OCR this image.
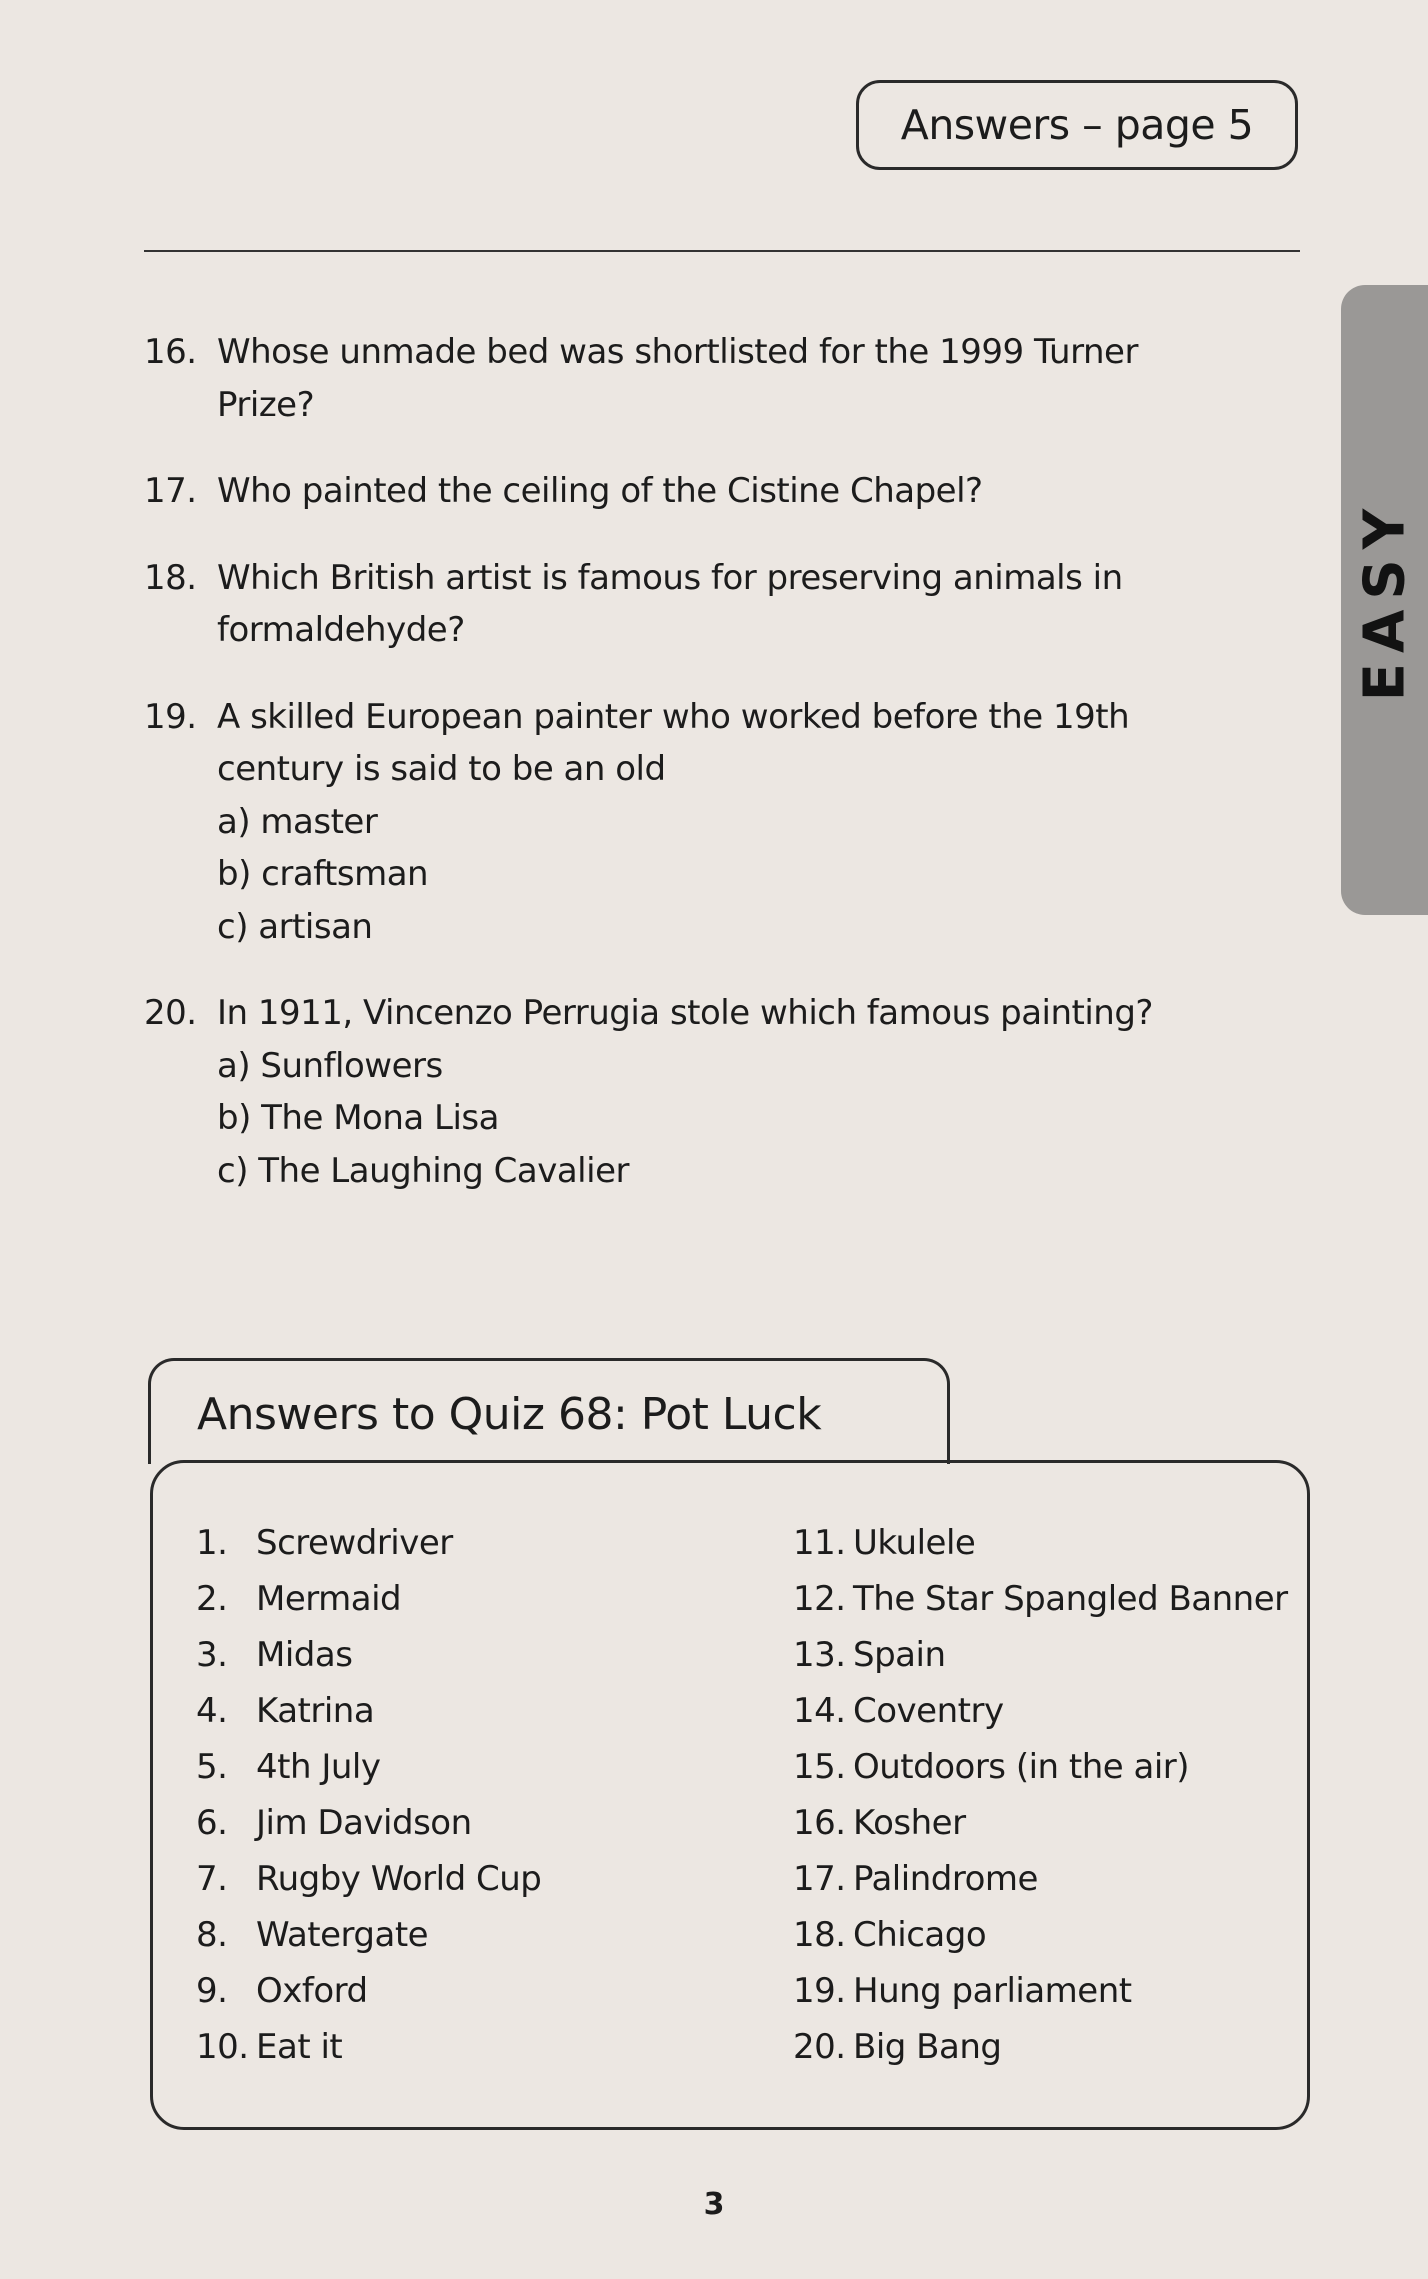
Answers – page 5
EASY
16. Whose unmade bed was shortlisted for the 1999 Turner Prize?
17. Who painted the ceiling of the Cistine Chapel?
18. Which British artist is famous for preserving animals in formaldehyde?
19. A skilled European painter who worked before the 19th century is said to be an old
a) master
b) craftsman
c) artisan
20. In 1911, Vincenzo Perrugia stole which famous painting?
a) Sunflowers
b) The Mona Lisa
c) The Laughing Cavalier
Answers to Quiz 68: Pot Luck
1. Screwdriver
2. Mermaid
3. Midas
4. Katrina
5. 4th July
6. Jim Davidson
7. Rugby World Cup
8. Watergate
9. Oxford
10. Eat it
11. Ukulele
12. The Star Spangled Banner
13. Spain
14. Coventry
15. Outdoors (in the air)
16. Kosher
17. Palindrome
18. Chicago
19. Hung parliament
20. Big Bang
3
